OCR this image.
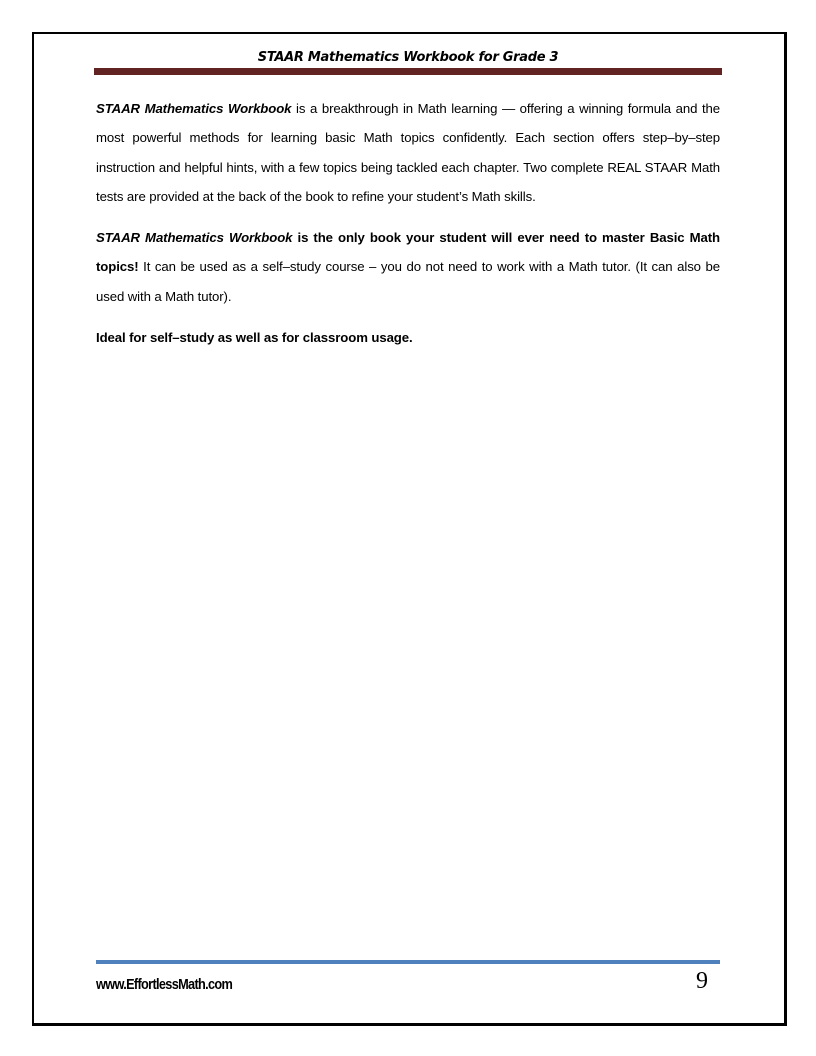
STAAR Mathematics Workbook for Grade 3

STAAR Mathematics Workbook is a breakthrough in Math learning — offering a winning formula and the most powerful methods for learning basic Math topics confidently. Each section offers step–by–step instruction and helpful hints, with a few topics being tackled each chapter. Two complete REAL STAAR Math tests are provided at the back of the book to refine your student’s Math skills.

STAAR Mathematics Workbook is the only book your student will ever need to master Basic Math topics! It can be used as a self–study course – you do not need to work with a Math tutor. (It can also be used with a Math tutor).

Ideal for self–study as well as for classroom usage.

www.EffortlessMath.com	9
